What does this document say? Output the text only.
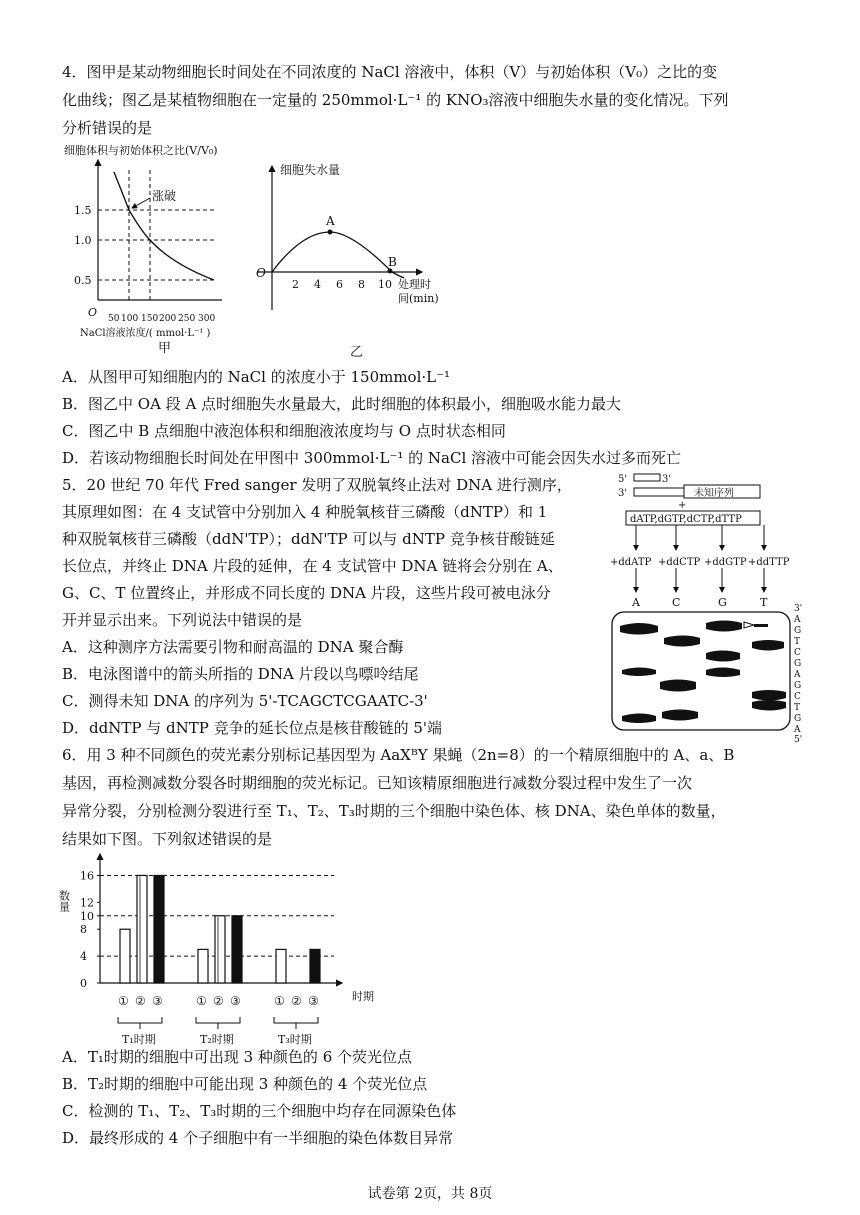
4．图甲是某动物细胞长时间处在不同浓度的 NaCl 溶液中，体积（V）与初始体积（V₀）之比的变
化曲线；图乙是某植物细胞在一定量的 250mmol·L⁻¹ 的 KNO₃溶液中细胞失水量的变化情况。下列
分析错误的是
细胞体积与初始体积之比(V/V₀)
涨破
1.5
1.0
0.5
O 50 100 150 200 250 300
NaCl溶液浓度/( mmol·L⁻¹ )
甲
细胞失水量
O
A
B
2 4 6 8 10 处理时
间(min)
乙
A．从图甲可知细胞内的 NaCl 的浓度小于 150mmol·L⁻¹
B．图乙中 OA 段 A 点时细胞失水量最大，此时细胞的体积最小，细胞吸水能力最大
C．图乙中 B 点细胞中液泡体积和细胞液浓度均与 O 点时状态相同
D．若该动物细胞长时间处在甲图中 300mmol·L⁻¹ 的 NaCl 溶液中可能会因失水过多而死亡
5．20 世纪 70 年代 Fred sanger 发明了双脱氧终止法对 DNA 进行测序，
其原理如图：在 4 支试管中分别加入 4 种脱氧核苷三磷酸（dNTP）和 1
种双脱氧核苷三磷酸（ddN'TP）；ddN'TP 可以与 dNTP 竞争核苷酸链延
长位点，并终止 DNA 片段的延伸，在 4 支试管中 DNA 链将会分别在 A、
G、C、T 位置终止，并形成不同长度的 DNA 片段，这些片段可被电泳分
开并显示出来。下列说法中错误的是
A．这种测序方法需要引物和耐高温的 DNA 聚合酶
B．电泳图谱中的箭头所指的 DNA 片段以鸟嘌呤结尾
C．测得未知 DNA 的序列为 5'-TCAGCTCGAATC-3'
D．ddNTP 与 dNTP 竞争的延长位点是核苷酸链的 5'端
5'	3'
3'	未知序列
+
dATP,dGTP,dCTP,dTTP
+ddATP +ddCTP +ddGTP +ddTTP
A	C	G	T	3'
A
G
T
C
G
A
G
C
T
G
A
5'
6．用 3 种不同颜色的荧光素分别标记基因型为 AaXᴮY 果蝇（2n=8）的一个精原细胞中的 A、a、B
基因，再检测减数分裂各时期细胞的荧光标记。已知该精原细胞进行减数分裂过程中发生了一次
异常分裂，分别检测分裂进行至 T₁、T₂、T₃时期的三个细胞中染色体、核 DNA、染色单体的数量，
结果如下图。下列叙述错误的是
数量
时期
0
4
8
10
12
16
① ② ③	① ② ③	① ② ③
T₁时期	T₂时期	T₃时期
A．T₁时期的细胞中可出现 3 种颜色的 6 个荧光位点
B．T₂时期的细胞中可能出现 3 种颜色的 4 个荧光位点
C．检测的 T₁、T₂、T₃时期的三个细胞中均存在同源染色体
D．最终形成的 4 个子细胞中有一半细胞的染色体数目异常
试卷第 2页，共 8页
